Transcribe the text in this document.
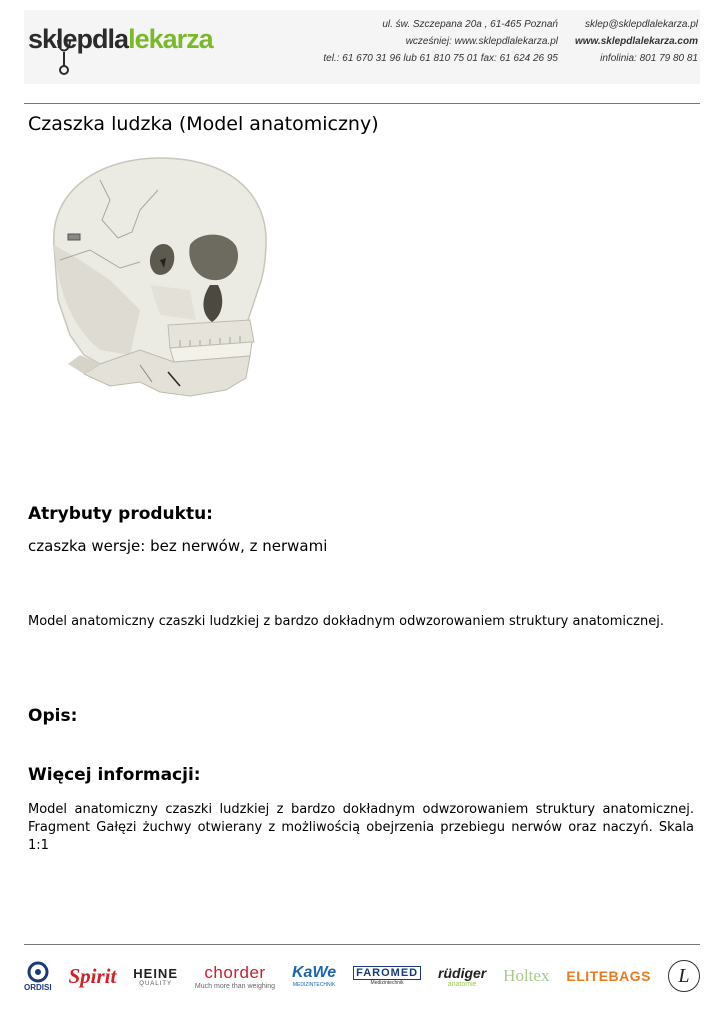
sklep dla lekarza	ul. św. Szczepana 20a , 61-465 Poznań
wcześniej: www.sklepdlalekarza.pl
tel.: 61 670 31 96 lub 61 810 75 01 fax: 61 624 26 95
sklep@sklepdlalekarza.pl
www.sklepdlalekarza.com
infolinia: 801 79 80 81
Czaszka ludzka (Model anatomiczny)
Atrybuty produktu:

czaszka wersje: bez nerwów, z nerwami

Model anatomiczny czaszki ludzkiej z bardzo dokładnym odwzorowaniem struktury anatomicznej.

Opis:
Więcej informacji:

Model anatomiczny czaszki ludzkiej z bardzo dokładnym odwzorowaniem struktury anatomicznej. Fragment Gałęzi żuchwy otwierany z możliwością obejrzenia przebiegu nerwów oraz naczyń. Skala 1:1

ORDISI Spirit HEINE
QUALITY
chorder
Much more than weighing
KaWe
MEDIZINTECHNIK
FAROMED
Medizintechnik
rüdiger
anatomie Holtex ELITEBAGS L
